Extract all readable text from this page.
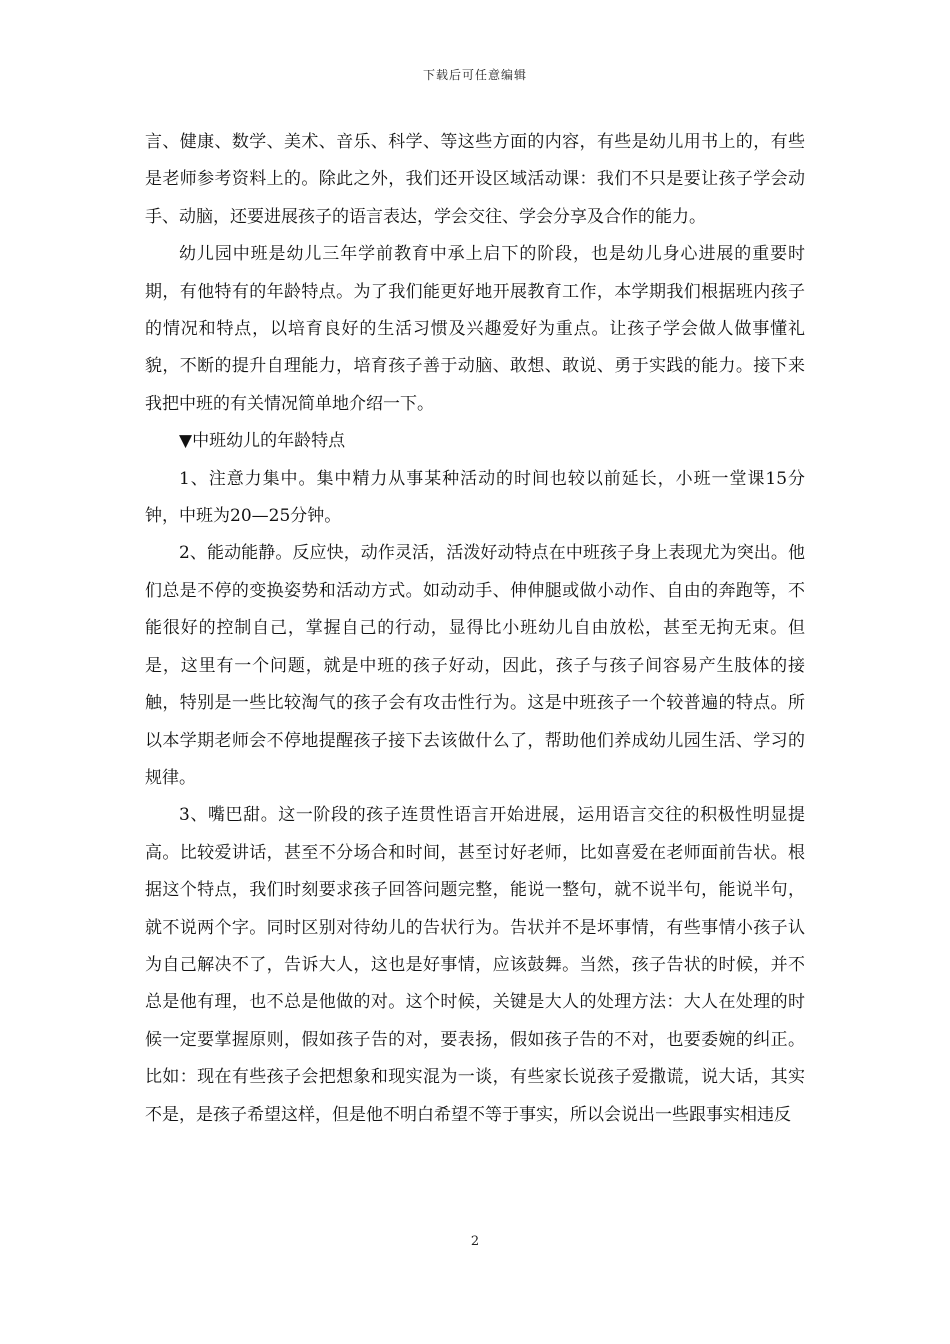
下载后可任意编辑

言、健康、数学、美术、音乐、科学、等这些方面的内容，有些是幼儿用书上的，有些是老师参考资料上的。除此之外，我们还开设区域活动课：我们不只是要让孩子学会动手、动脑，还要进展孩子的语言表达，学会交往、学会分享及合作的能力。

幼儿园中班是幼儿三年学前教育中承上启下的阶段，也是幼儿身心进展的重要时期，有他特有的年龄特点。为了我们能更好地开展教育工作，本学期我们根据班内孩子的情况和特点，以培育良好的生活习惯及兴趣爱好为重点。让孩子学会做人做事懂礼貌，不断的提升自理能力，培育孩子善于动脑、敢想、敢说、勇于实践的能力。接下来我把中班的有关情况简单地介绍一下。

▼中班幼儿的年龄特点

1、注意力集中。集中精力从事某种活动的时间也较以前延长，小班一堂课15分钟，中班为20—25分钟。

2、能动能静。反应快，动作灵活，活泼好动特点在中班孩子身上表现尤为突出。他们总是不停的变换姿势和活动方式。如动动手、伸伸腿或做小动作、自由的奔跑等，不能很好的控制自己，掌握自己的行动，显得比小班幼儿自由放松，甚至无拘无束。但是，这里有一个问题，就是中班的孩子好动，因此，孩子与孩子间容易产生肢体的接触，特别是一些比较淘气的孩子会有攻击性行为。这是中班孩子一个较普遍的特点。所以本学期老师会不停地提醒孩子接下去该做什么了，帮助他们养成幼儿园生活、学习的规律。

3、嘴巴甜。这一阶段的孩子连贯性语言开始进展，运用语言交往的积极性明显提高。比较爱讲话，甚至不分场合和时间，甚至讨好老师，比如喜爱在老师面前告状。根据这个特点，我们时刻要求孩子回答问题完整，能说一整句，就不说半句，能说半句，就不说两个字。同时区别对待幼儿的告状行为。告状并不是坏事情，有些事情小孩子认为自己解决不了，告诉大人，这也是好事情，应该鼓舞。当然，孩子告状的时候，并不总是他有理，也不总是他做的对。这个时候，关键是大人的处理方法：大人在处理的时候一定要掌握原则，假如孩子告的对，要表扬，假如孩子告的不对，也要委婉的纠正。比如：现在有些孩子会把想象和现实混为一谈，有些家长说孩子爱撒谎，说大话，其实不是，是孩子希望这样，但是他不明白希望不等于事实，所以会说出一些跟事实相违反

2
